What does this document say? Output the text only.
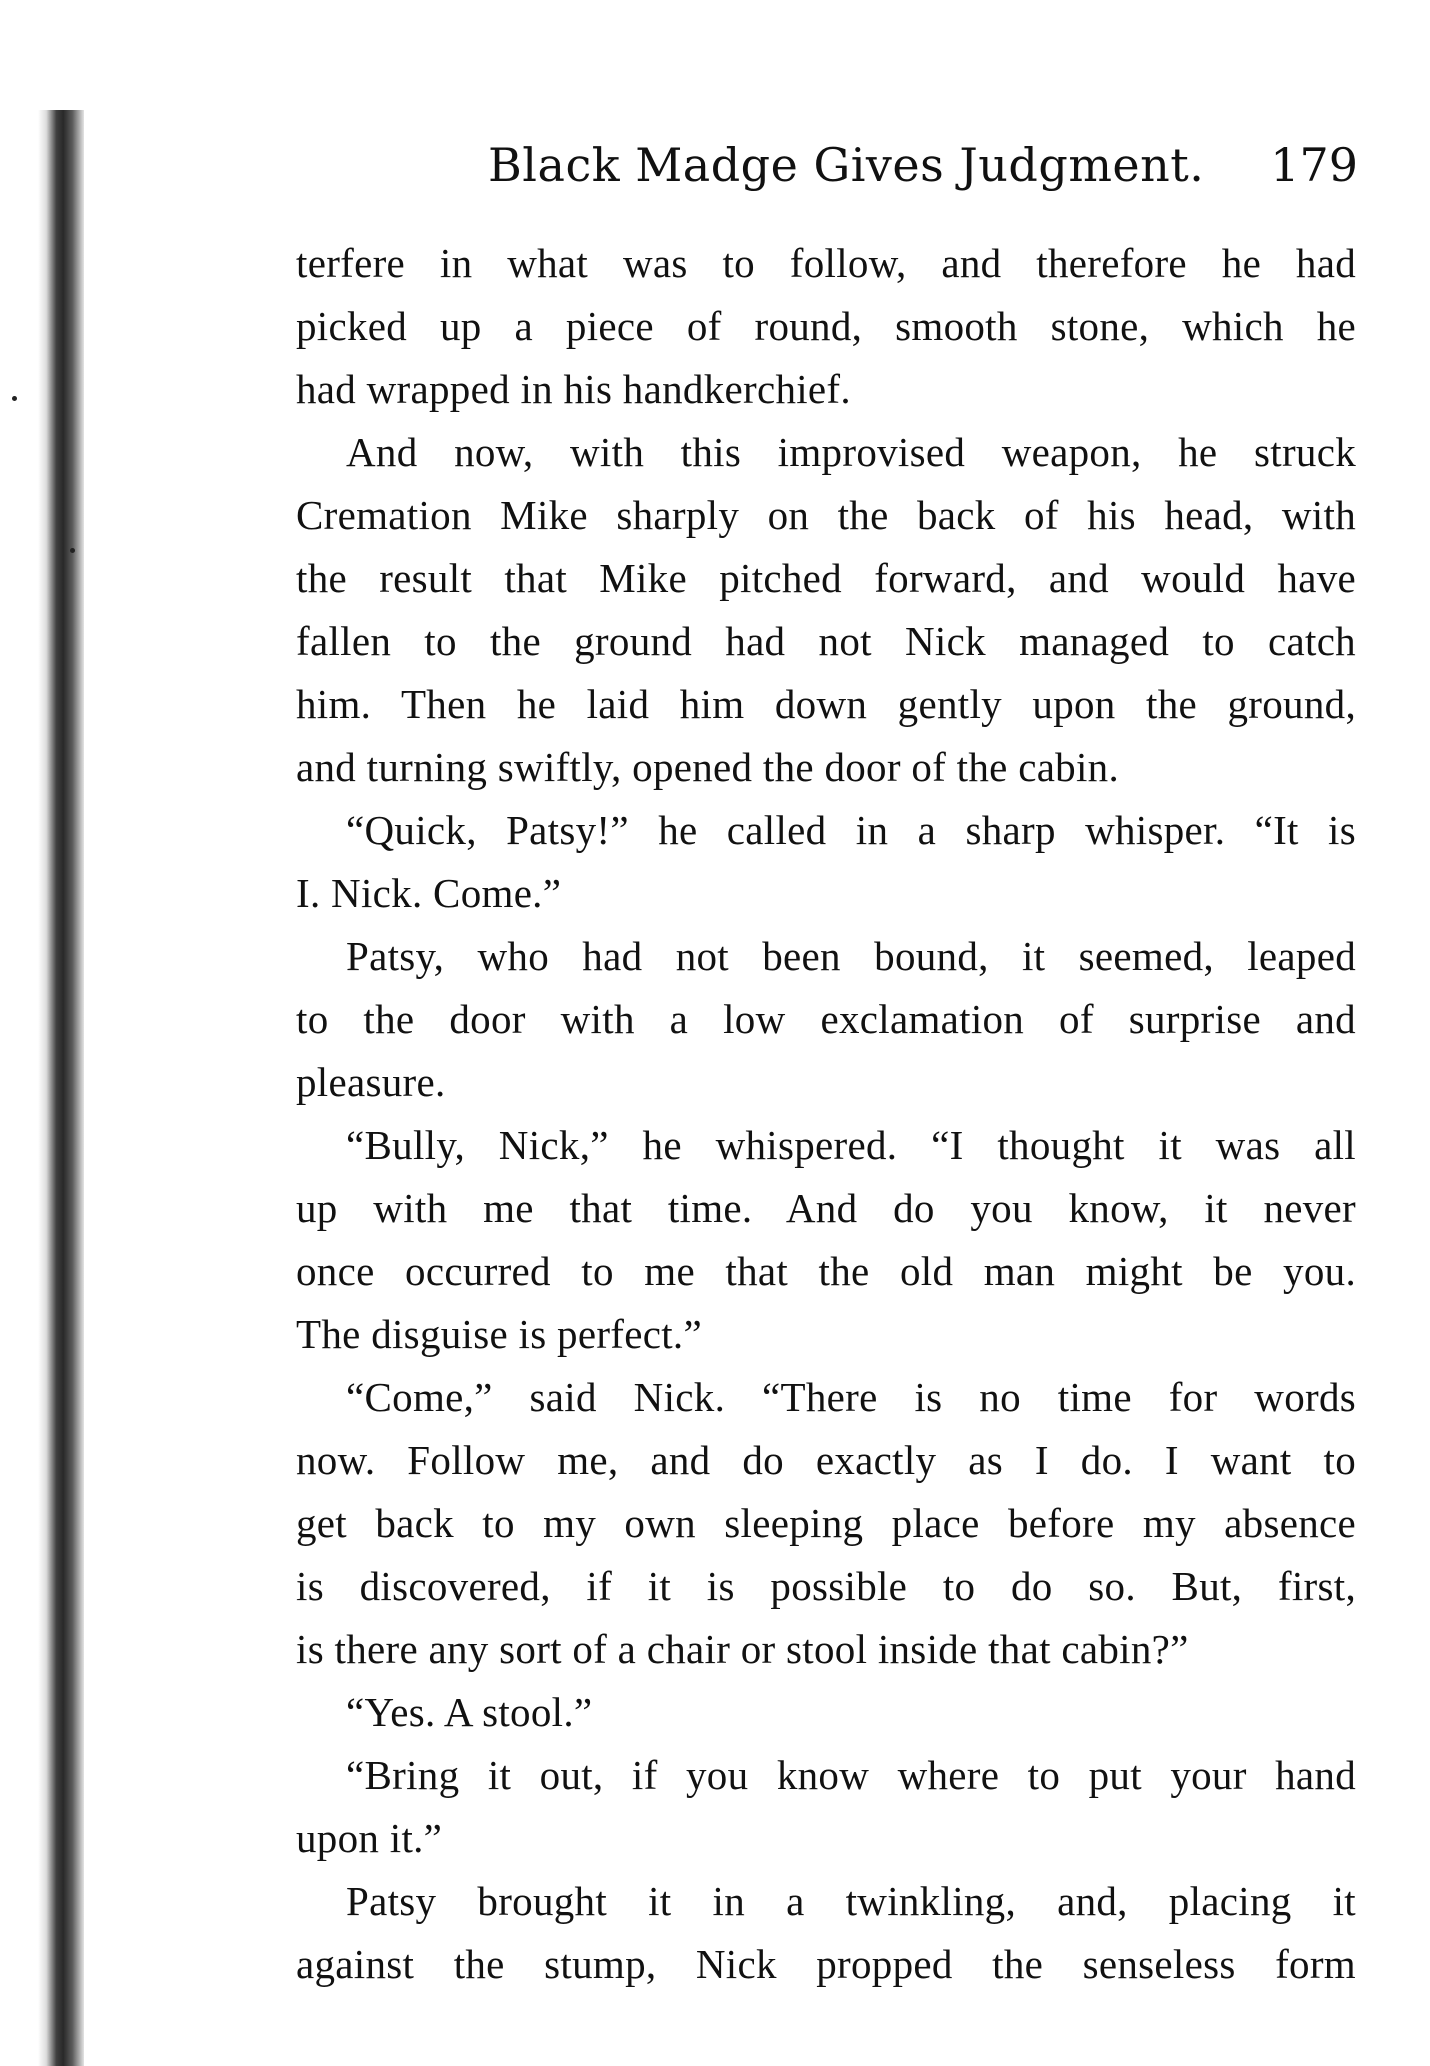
Black Madge Gives Judgment. 179
terfere in what was to follow, and therefore he had
picked up a piece of round, smooth stone, which he
had wrapped in his handkerchief.
And now, with this improvised weapon, he struck
Cremation Mike sharply on the back of his head, with
the result that Mike pitched forward, and would have
fallen to the ground had not Nick managed to catch
him. Then he laid him down gently upon the ground,
and turning swiftly, opened the door of the cabin.
“Quick, Patsy!” he called in a sharp whisper. “It is
I. Nick. Come.”
Patsy, who had not been bound, it seemed, leaped
to the door with a low exclamation of surprise and
pleasure.
“Bully, Nick,” he whispered. “I thought it was all
up with me that time. And do you know, it never
once occurred to me that the old man might be you.
The disguise is perfect.”
“Come,” said Nick. “There is no time for words
now. Follow me, and do exactly as I do. I want to
get back to my own sleeping place before my absence
is discovered, if it is possible to do so. But, first,
is there any sort of a chair or stool inside that cabin?”
“Yes. A stool.”
“Bring it out, if you know where to put your hand
upon it.”
Patsy brought it in a twinkling, and, placing it
against the stump, Nick propped the senseless form
